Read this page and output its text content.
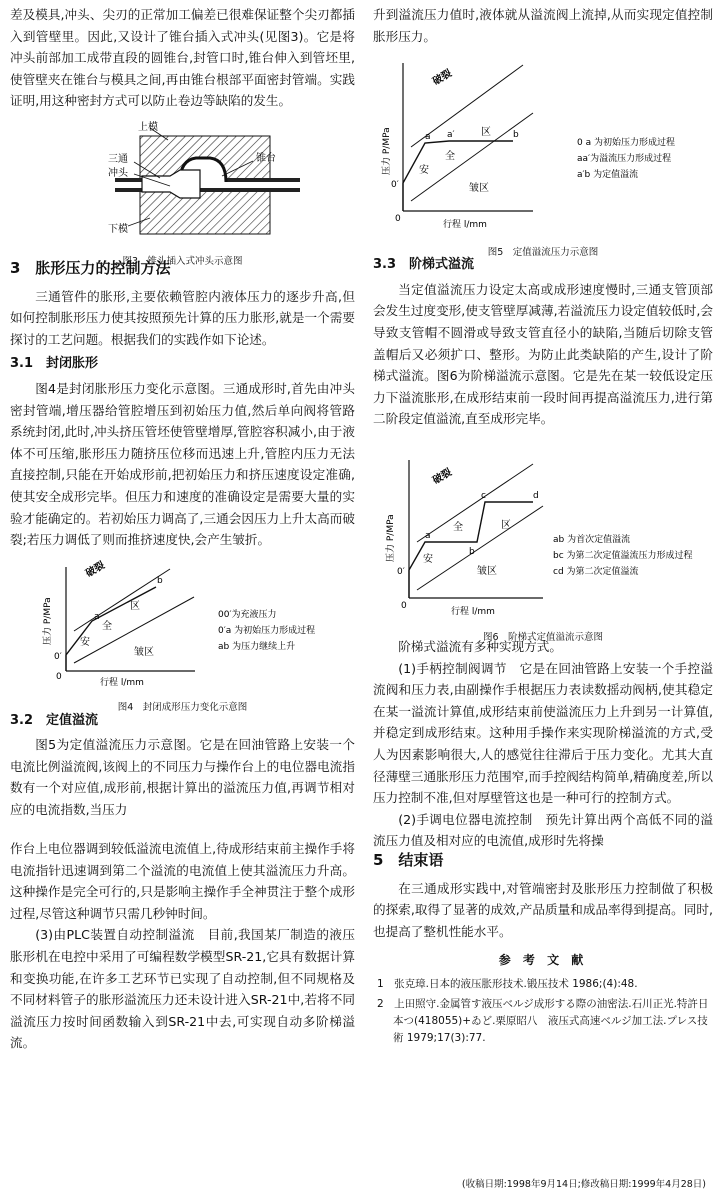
差及模具,冲头、尖刃的正常加工偏差已很难保证整个尖刃都插入到管壁里。因此,又设计了锥台插入式冲头(见图3)。它是将冲头前部加工成带直段的圆锥台,封管口时,锥台伸入到管坯里,使管壁夹在锥台与模具之间,再由锥台根部平面密封管端。实践证明,用这种密封方式可以防止卷边等缺陷的发生。

上模
三通
冲头
锥台
下模

图3　锥头插入式冲头示意图

3　胀形压力的控制方法

三通管件的胀形,主要依赖管腔内液体压力的逐步升高,但如何控制胀形压力使其按照预先计算的压力胀形,就是一个需要探讨的工艺问题。根据我们的实践作如下论述。

3.1　封闭胀形

图4是封闭胀形压力变化示意图。三通成形时,首先由冲头密封管端,增压器给管腔增压到初始压力值,然后单向阀将管路系统封闭,此时,冲头挤压管坯使管壁增厚,管腔容积减小,由于液体不可压缩,胀形压力随挤压位移而迅速上升,管腔内压力无法直接控制,只能在开始成形前,把初始压力和挤压速度设定准确,使其安全成形完毕。但压力和速度的准确设定是需要大量的实验才能确定的。若初始压力调高了,三通会因压力上升太高而破裂;若压力调低了则而推挤速度快,会产生皱折。

破裂
安
全
区
皱区
a
b
0
0′
行程 l/mm
压力 P/MPa	00′为充液压力
0′a 为初始压力形成过程
ab 为压力继续上升

图4　封闭成形压力变化示意图

3.2　定值溢流

图5为定值溢流压力示意图。它是在回油管路上安装一个电流比例溢流阀,该阀上的不同压力与操作台上的电位器电流指数有一个对应值,成形前,根据计算出的溢流压力值,再调节相对应的电流指数,当压力

升到溢流压力值时,液体就从溢流阀上流掉,从而实现定值控制胀形压力。

破裂
安
全
区
皱区
a a′	b
0
0′
行程 l/mm
压力 P/MPa	0 a 为初始压力形成过程
aa′为溢流压力形成过程
a′b 为定值溢流

图5　定值溢流压力示意图

3.3　阶梯式溢流

当定值溢流压力设定太高或成形速度慢时,三通支管顶部会发生过度变形,使支管壁厚减薄,若溢流压力设定值较低时,会导致支管帽不圆滑或导致支管直径小的缺陷,当随后切除支管盖帽后又必须扩口、整形。为防止此类缺陷的产生,设计了阶梯式溢流。图6为阶梯溢流示意图。它是先在某一较低设定压力下溢流胀形,在成形结束前一段时间再提高溢流压力,进行第二阶段定值溢流,直至成形完毕。

破裂
安
全	区
皱区
a
b
c	d
0
0′
行程 l/mm
压力 P/MPa	ab 为首次定值溢流
bc 为第二次定值溢流压力形成过程
cd 为第二次定值溢流

图6　阶梯式定值溢流示意图

阶梯式溢流有多种实现方式。

(1)手柄控制阀调节　它是在回油管路上安装一个手控溢流阀和压力表,由副操作手根据压力表读数摇动阀柄,使其稳定在某一溢流计算值,成形结束前使溢流压力上升到另一计算值,并稳定到成形结束。这种用手操作来实现阶梯溢流的方式,受人为因素影响很大,人的感觉往往滞后于压力变化。尤其大直径薄壁三通胀形压力范围窄,而手控阀结构简单,精确度差,所以压力控制不准,但对厚壁管这也是一种可行的控制方式。

(2)手调电位器电流控制　预先计算出两个高低不同的溢流压力值及相对应的电流值,成形时先将操

作台上电位器调到较低溢流电流值上,待成形结束前主操作手将电流指针迅速调到第二个溢流的电流值上使其溢流压力升高。这种操作是完全可行的,只是影响主操作手全神贯注于整个成形过程,尽管这种调节只需几秒钟时间。

(3)由PLC装置自动控制溢流　目前,我国某厂制造的液压胀形机在电控中采用了可编程数学模型SR-21,它具有数据计算和变换功能,在许多工艺环节已实现了自动控制,但不同规格及不同材料管子的胀形溢流压力还未设计进入SR-21中,若将不同溢流压力按时间函数输入到SR-21中去,可实现自动多阶梯溢流。

5　结束语

在三通成形实践中,对管端密封及胀形压力控制做了积极的探索,取得了显著的成效,产品质量和成品率得到提高。同时,也提高了整机性能水平。

参 考 文 献

1　张克璋.日本的液压胀形技术.锻压技术 1986;(4):48.

2　上田照守.金属管す液压ベルジ成形する際の油密法.石川正光.特許日本つ(418055)+ゐど.栗原昭八　液压式高速ベルジ加工法.プレス技術 1979;17(3):77.

(收稿日期:1998年9月14日;修改稿日期:1999年4月28日)
